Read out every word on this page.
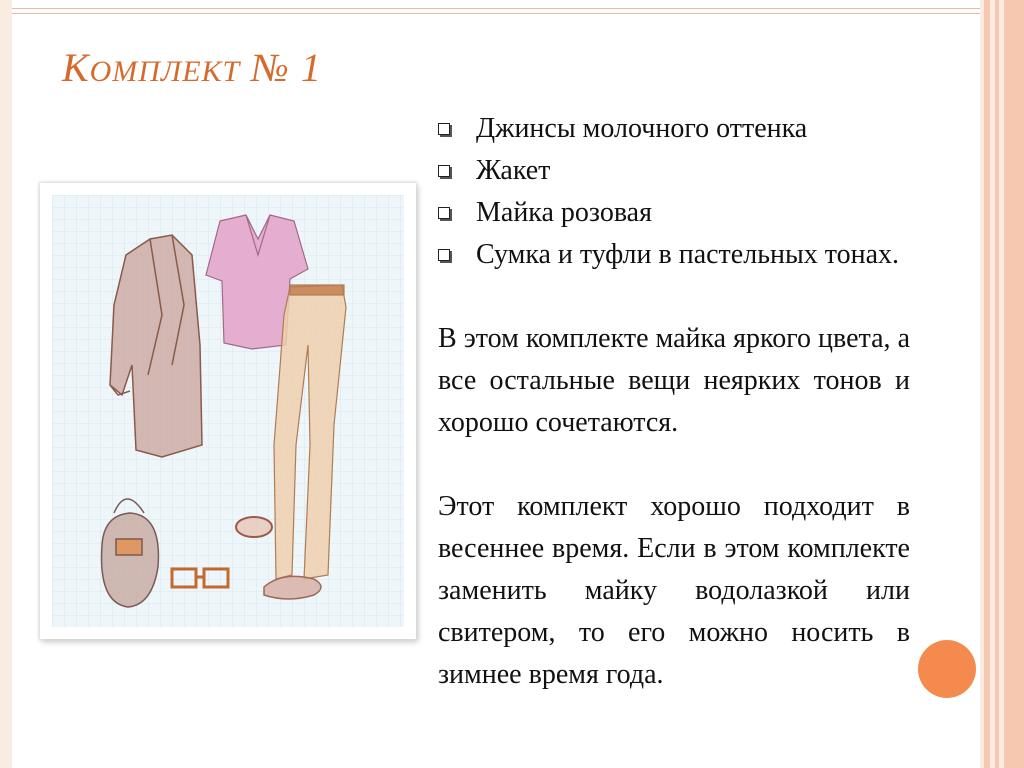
КОМПЛЕКТ № 1
Джинсы молочного оттенка
Жакет
Майка розовая
Сумка и туфли в пастельных тонах.

В этом комплекте майка яркого цвета, а все остальные вещи неярких тонов и хорошо сочетаются.

Этот комплект хорошо подходит в весеннее время. Если в этом комплекте заменить майку водолазкой или свитером, то его можно носить в зимнее время года.
